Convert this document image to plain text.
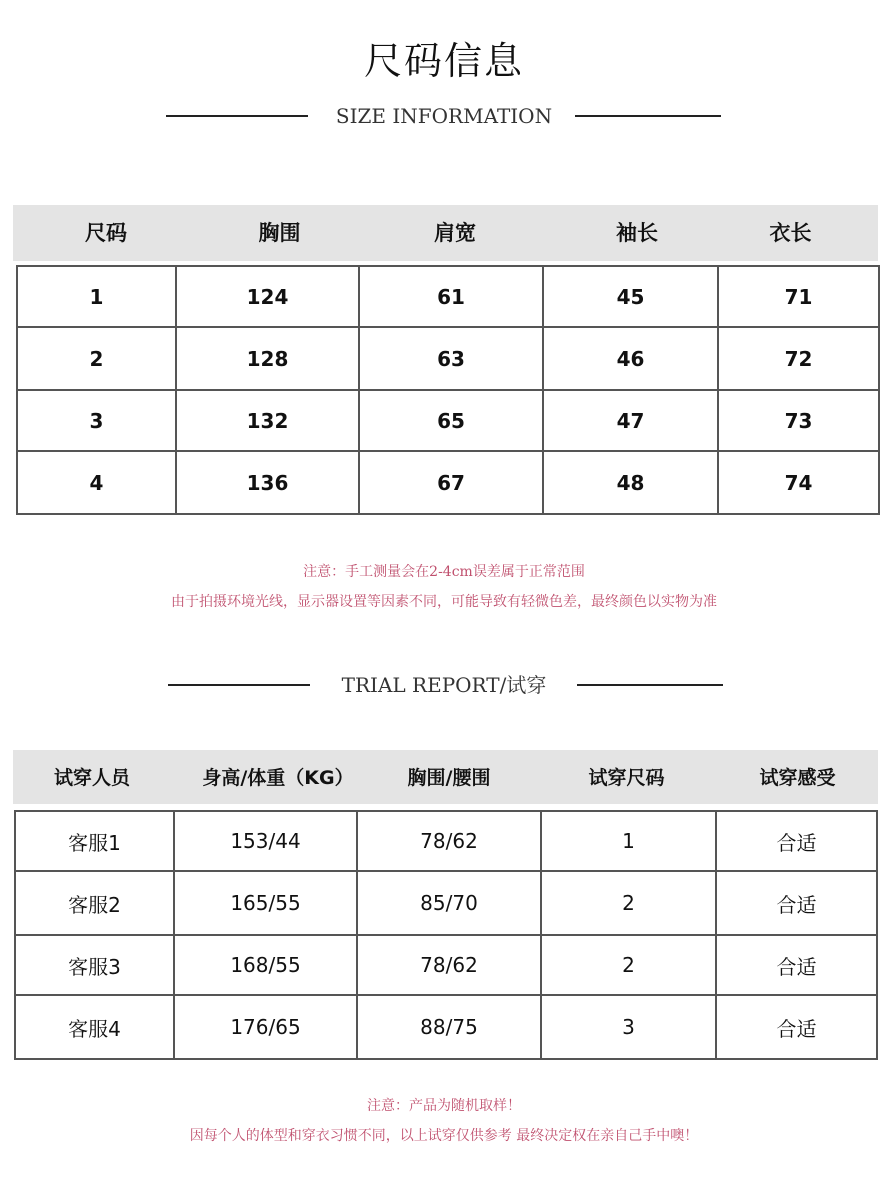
尺码信息
SIZE INFORMATION
尺码	胸围	肩宽	袖长	衣长
1	124	61	45	71
2	128	63	46	72
3	132	65	47	73
4	136	67	48	74
注意：手工测量会在2-4cm误差属于正常范围
由于拍摄环境光线，显示器设置等因素不同，可能导致有轻微色差，最终颜色以实物为准
TRIAL REPORT/试穿
试穿人员	身高/体重（KG）	胸围/腰围	试穿尺码	试穿感受
客服1	153/44	78/62	1	合适
客服2	165/55	85/70	2	合适
客服3	168/55	78/62	2	合适
客服4	176/65	88/75	3	合适
注意：产品为随机取样！
因每个人的体型和穿衣习惯不同，以上试穿仅供参考 最终决定权在亲自己手中噢！
